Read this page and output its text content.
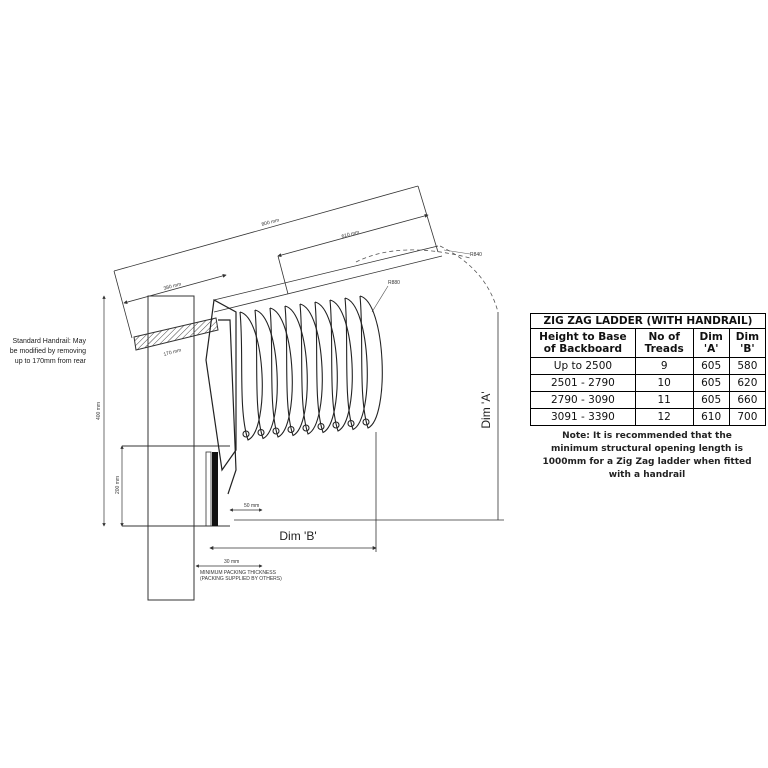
Dim 'A'
Dim 'B'
800 mm
380 mm
610 mm
170 mm
400 mm
200 mm
50 mm
30 mm
R840
R880
MINIMUM PACKING THICKNESS
(PACKING SUPPLIED BY OTHERS)
Standard Handrail: May be modified by removing up to 170mm from rear
ZIG ZAG LADDER (WITH HANDRAIL)			
Height to Base of Backboard	No of Treads	Dim 'A'	Dim 'B'
Up to 2500	9	605	580
2501 - 2790	10	605	620
2790 - 3090	11	605	660
3091 - 3390	12	610	700
Note: It is recommended that the minimum structural opening length is 1000mm for a Zig Zag ladder when fitted with a handrail
